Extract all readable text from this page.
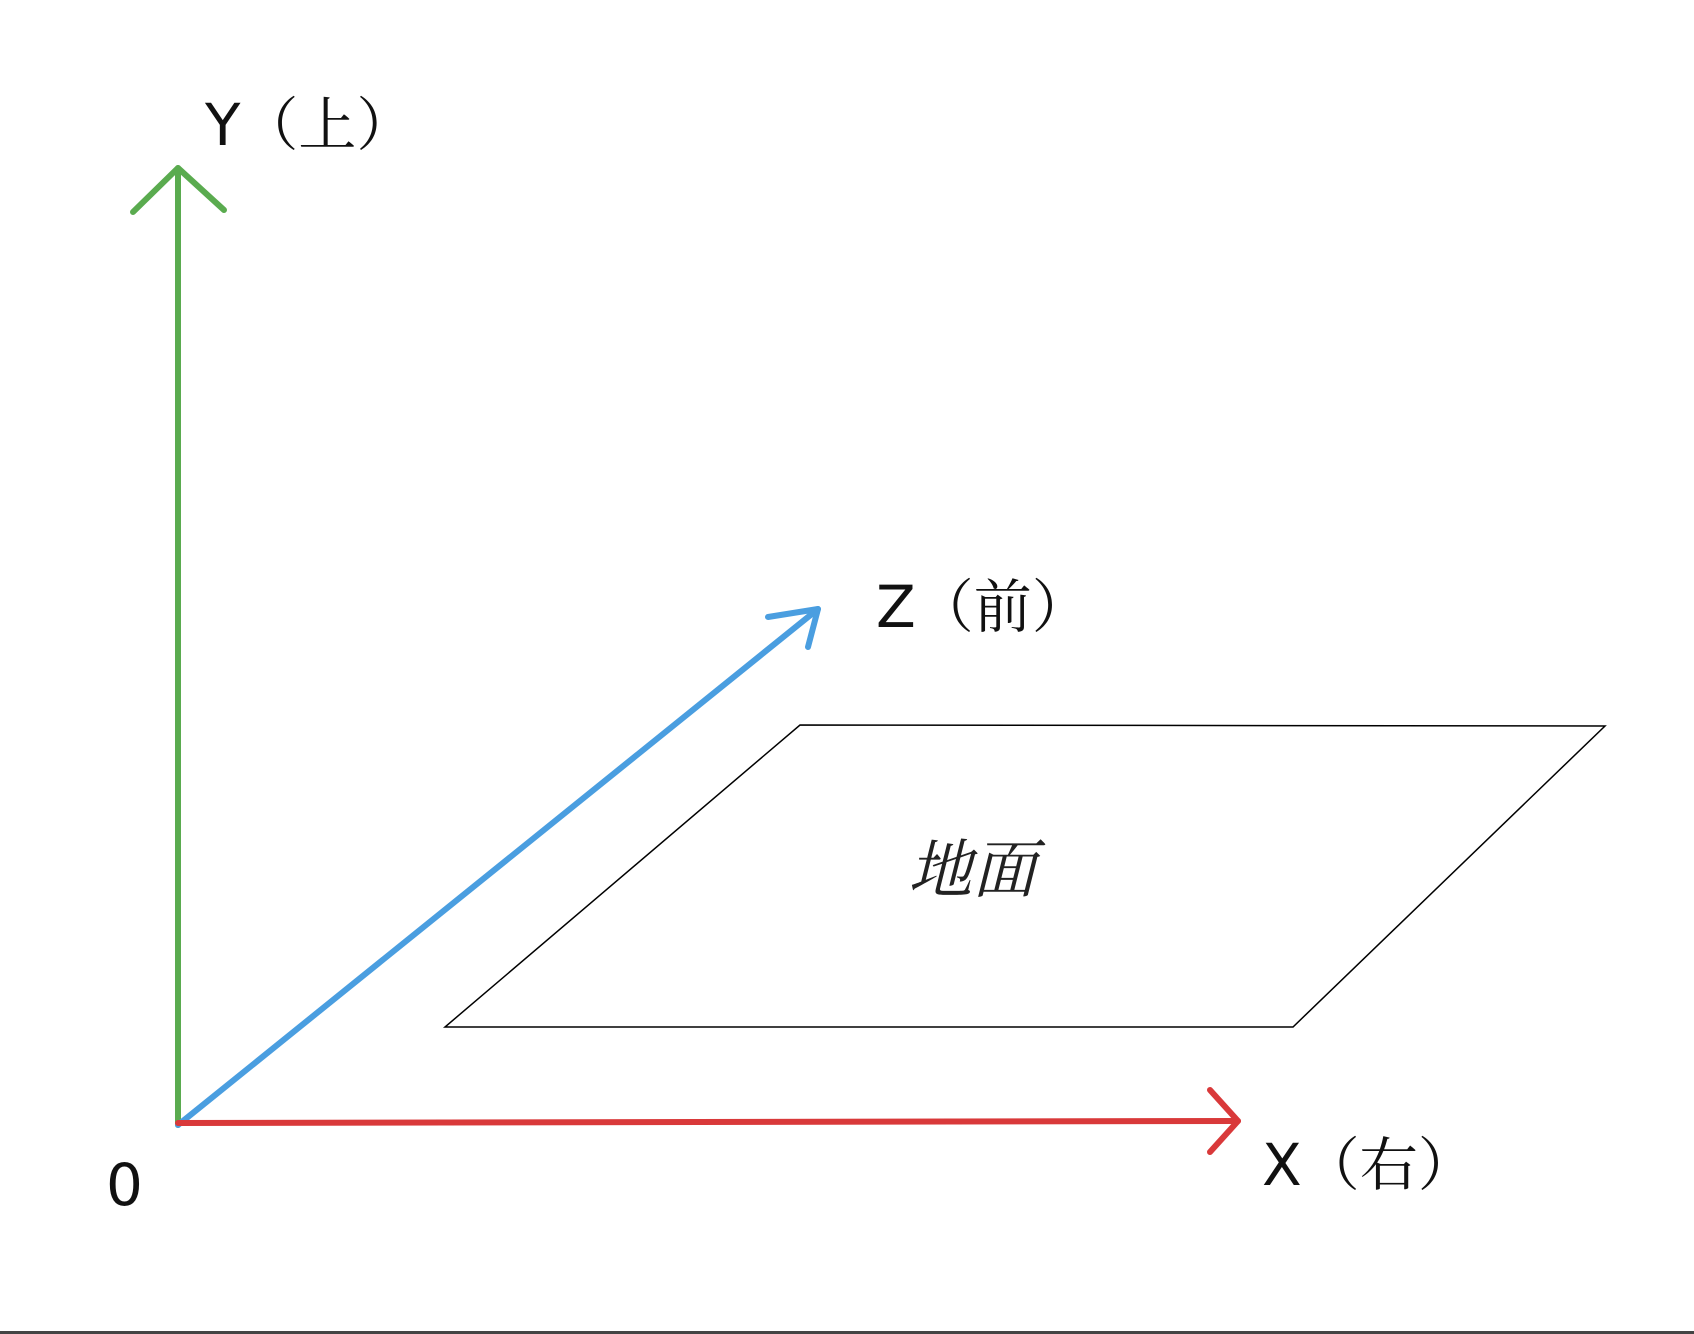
地面
Y（上）
Z（前）
X（右）
0
